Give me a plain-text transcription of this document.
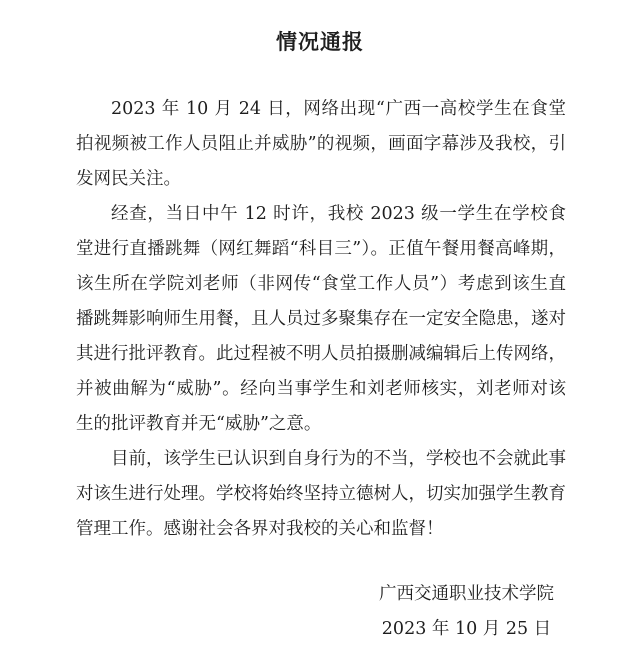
情况通报

2023 年 10 月 24 日，网络出现“广西一高校学生在食堂拍视频被工作人员阻止并威胁”的视频，画面字幕涉及我校，引发网民关注。

经查，当日中午 12 时许，我校 2023 级一学生在学校食堂进行直播跳舞（网红舞蹈“科目三”）。正值午餐用餐高峰期，该生所在学院刘老师（非网传“食堂工作人员”）考虑到该生直播跳舞影响师生用餐，且人员过多聚集存在一定安全隐患，遂对其进行批评教育。此过程被不明人员拍摄删减编辑后上传网络，并被曲解为“威胁”。经向当事学生和刘老师核实，刘老师对该生的批评教育并无“威胁”之意。

目前，该学生已认识到自身行为的不当，学校也不会就此事对该生进行处理。学校将始终坚持立德树人，切实加强学生教育管理工作。感谢社会各界对我校的关心和监督！

广西交通职业技术学院
2023 年 10 月 25 日
